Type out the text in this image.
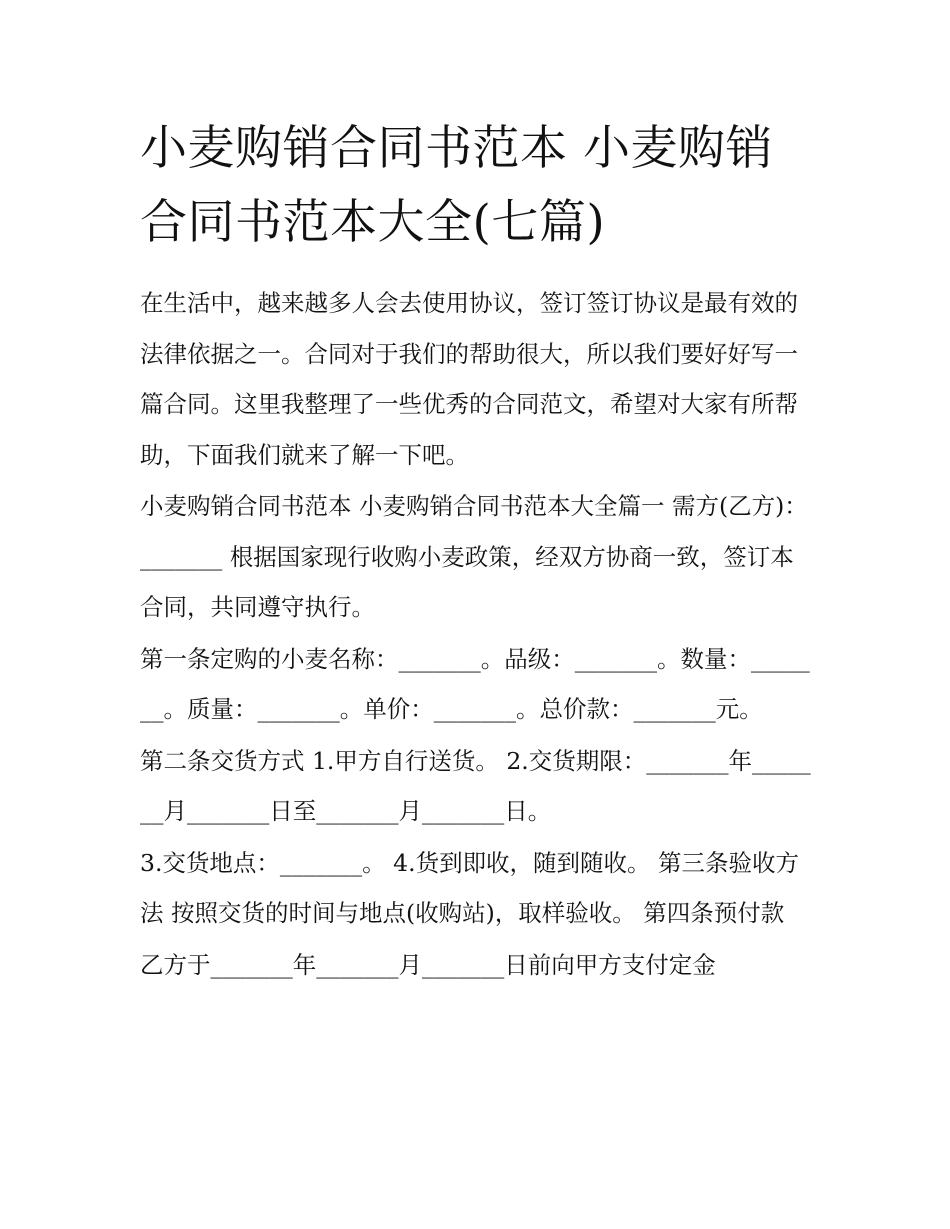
小麦购销合同书范本 小麦购销合同书范本大全(七篇)

在生活中，越来越多人会去使用协议，签订签订协议是最有效的法律依据之一。合同对于我们的帮助很大，所以我们要好好写一篇合同。这里我整理了一些优秀的合同范文，希望对大家有所帮助，下面我们就来了解一下吧。

小麦购销合同书范本 小麦购销合同书范本大全篇一 需方(乙方)：_______ 根据国家现行收购小麦政策，经双方协商一致，签订本合同，共同遵守执行。

第一条定购的小麦名称：_______。品级：_______。数量：_______。质量：_______。单价：_______。总价款：_______元。

第二条交货方式 1.甲方自行送货。 2.交货期限：_______年_______月_______日至_______月_______日。

3.交货地点：_______。 4.货到即收，随到随收。 第三条验收方法 按照交货的时间与地点(收购站)，取样验收。 第四条预付款

乙方于_______年_______月_______日前向甲方支付定金
